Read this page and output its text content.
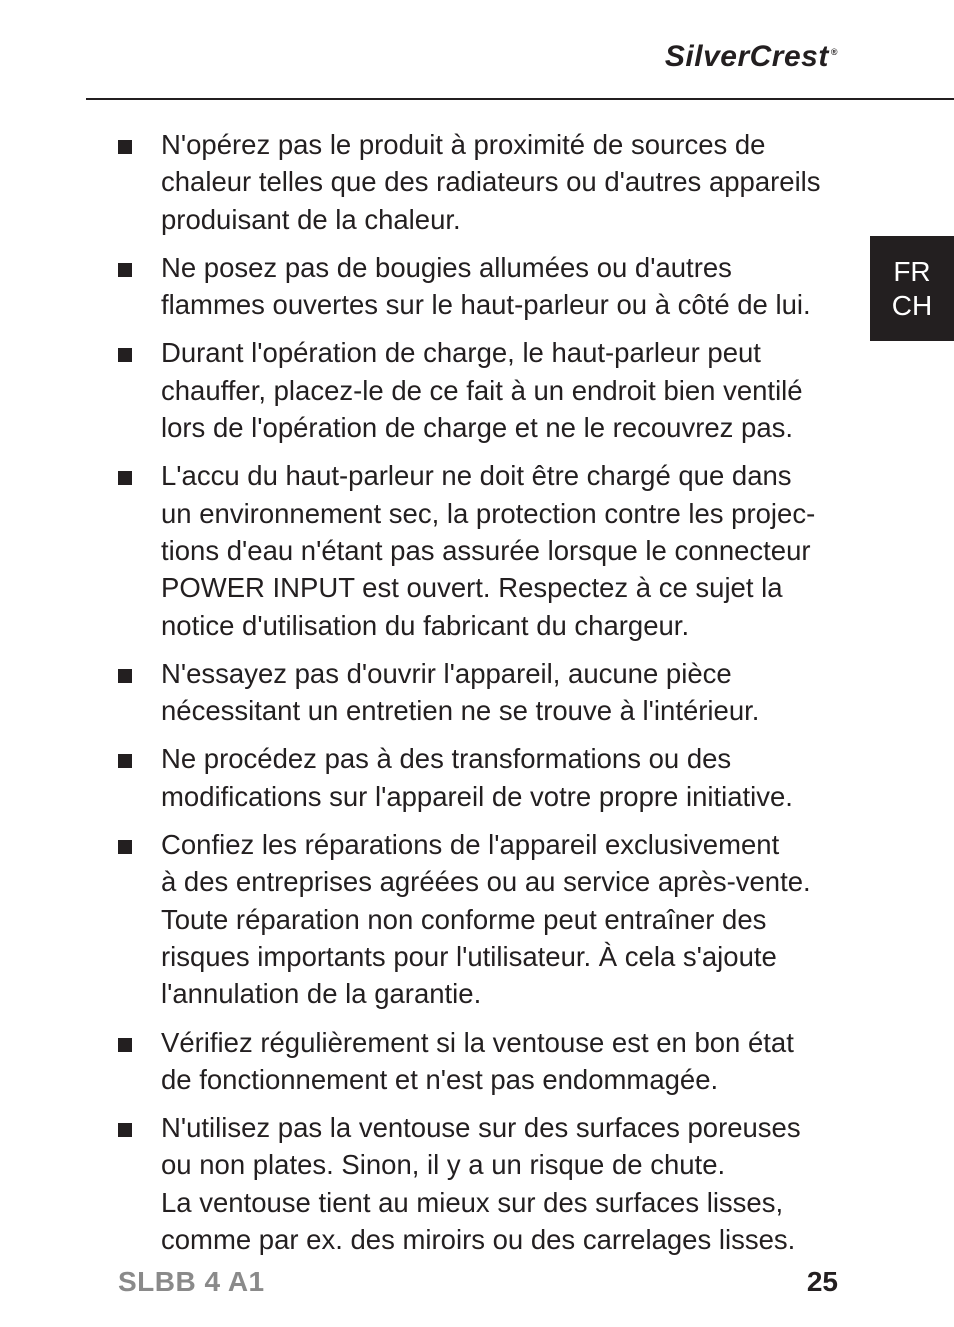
SilverCrest ®
FR
CH
N'opérez pas le produit à proximité de sources de
chaleur telles que des radiateurs ou d'autres appareils
produisant de la chaleur.
Ne posez pas de bougies allumées ou d'autres
flammes ouvertes sur le haut-parleur ou à côté de lui.
Durant l'opération de charge, le haut-parleur peut
chauffer, placez-le de ce fait à un endroit bien ventilé
lors de l'opération de charge et ne le recouvrez pas.
L'accu du haut-parleur ne doit être chargé que dans
un environnement sec, la protection contre les projec-
tions d'eau n'étant pas assurée lorsque le connecteur
POWER INPUT est ouvert. Respectez à ce sujet la
notice d'utilisation du fabricant du chargeur.
N'essayez pas d'ouvrir l'appareil, aucune pièce
nécessitant un entretien ne se trouve à l'intérieur.
Ne procédez pas à des transformations ou des
modifications sur l'appareil de votre propre initiative.
Confiez les réparations de l'appareil exclusivement
à des entreprises agréées ou au service après-vente.
Toute réparation non conforme peut entraîner des
risques importants pour l'utilisateur. À cela s'ajoute
l'annulation de la garantie.
Vérifiez régulièrement si la ventouse est en bon état
de fonctionnement et n'est pas endommagée.
N'utilisez pas la ventouse sur des surfaces poreuses
ou non plates. Sinon, il y a un risque de chute.
La ventouse tient au mieux sur des surfaces lisses,
comme par ex. des miroirs ou des carrelages lisses.
SLBB 4 A1	25
